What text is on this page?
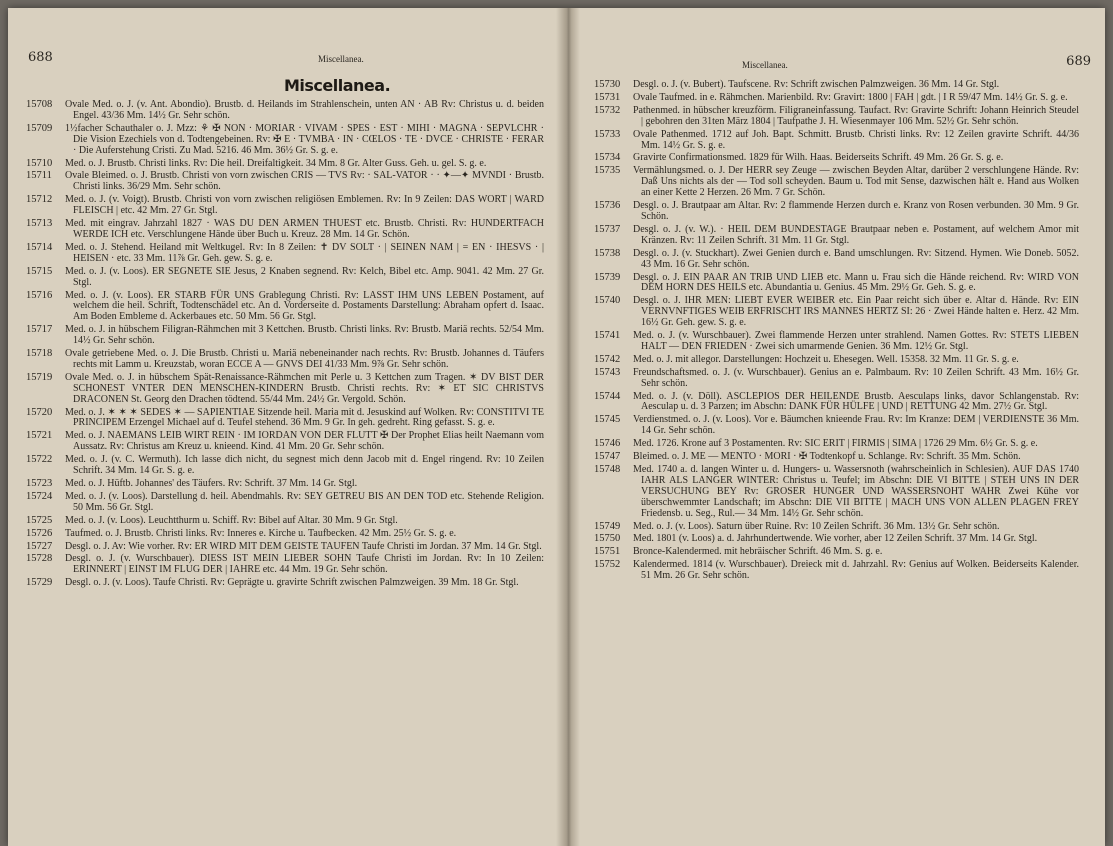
688	Miscellanea.
Miscellanea.
15708	Ovale Med. o. J. (v. Ant. Abondio). Brustb. d. Heilands im Strahlenschein, unten AN · AB Rv: Christus u. d. beiden Engel. 43/36 Mm. 14½ Gr. Sehr schön.
15709	1½facher Schauthaler o. J. Mzz: ⚘ ✠ NON · MORIAR · VIVAM · SPES · EST · MIHI · MAGNA · SEPVLCHR · Die Vision Ezechiels von d. Todtengebeinen. Rv: ✠ E · TVMBA · IN · CŒLOS · TE · DVCE · CHRISTE · FERAR · Die Auferstehung Cristi. Zu Mad. 5216. 46 Mm. 36½ Gr. S. g. e.
15710	Med. o. J. Brustb. Christi links. Rv: Die heil. Dreifaltigkeit. 34 Mm. 8 Gr. Alter Guss. Geh. u. gel. S. g. e.
15711	Ovale Bleimed. o. J. Brustb. Christi von vorn zwischen CRIS — TVS Rv: · SAL-VATOR · · ✦—✦ MVNDI · Brustb. Christi links. 36/29 Mm. Sehr schön.
15712	Med. o. J. (v. Voigt). Brustb. Christi von vorn zwischen religiösen Emblemen. Rv: In 9 Zeilen: DAS WORT | WARD FLEISCH | etc. 42 Mm. 27 Gr. Stgl.
15713	Med. mit eingrav. Jahrzahl 1827 · WAS DU DEN ARMEN THUEST etc. Brustb. Christi. Rv: HUNDERTFACH WERDE ICH etc. Verschlungene Hände über Buch u. Kreuz. 28 Mm. 14 Gr. Schön.
15714	Med. o. J. Stehend. Heiland mit Weltkugel. Rv: In 8 Zeilen: ✝ DV SOLT · | SEINEN NAM | = EN · IHESVS · | HEISEN · etc. 33 Mm. 11⅞ Gr. Geh. gew. S. g. e.
15715	Med. o. J. (v. Loos). ER SEGNETE SIE Jesus, 2 Knaben segnend. Rv: Kelch, Bibel etc. Amp. 9041. 42 Mm. 27 Gr. Stgl.
15716	Med. o. J. (v. Loos). ER STARB FÜR UNS Grablegung Christi. Rv: LASST IHM UNS LEBEN Postament, auf welchem die heil. Schrift, Todtenschädel etc. An d. Vorderseite d. Postaments Darstellung: Abraham opfert d. Isaac. Am Boden Embleme d. Ackerbaues etc. 50 Mm. 56 Gr. Stgl.
15717	Med. o. J. in hübschem Filigran-Rähmchen mit 3 Kettchen. Brustb. Christi links. Rv: Brustb. Mariä rechts. 52/54 Mm. 14½ Gr. Sehr schön.
15718	Ovale getriebene Med. o. J. Die Brustb. Christi u. Mariä nebeneinander nach rechts. Rv: Brustb. Johannes d. Täufers rechts mit Lamm u. Kreuzstab, woran ECCE A — GNVS DEI 41/33 Mm. 9⅞ Gr. Sehr schön.
15719	Ovale Med. o. J. in hübschem Spät-Renaissance-Rähmchen mit Perle u. 3 Kettchen zum Tragen. ✶ DV BIST DER SCHONEST VNTER DEN MENSCHEN-KINDERN Brustb. Christi rechts. Rv: ✶ ET SIC CHRISTVS DRACONEN St. Georg den Drachen tödtend. 55/44 Mm. 24½ Gr. Vergold. Schön.
15720	Med. o. J. ✶ ✶ ✶ SEDES ✶ — SAPIENTIAE Sitzende heil. Maria mit d. Jesuskind auf Wolken. Rv: CONSTITVI TE PRINCIPEM Erzengel Michael auf d. Teufel stehend. 36 Mm. 9 Gr. In geh. gedreht. Ring gefasst. S. g. e.
15721	Med. o. J. NAEMANS LEIB WIRT REIN · IM IORDAN VON DER FLUTT ✠ Der Prophet Elias heilt Naemann vom Aussatz. Rv: Christus am Kreuz u. knieend. Kind. 41 Mm. 20 Gr. Sehr schön.
15722	Med. o. J. (v. C. Wermuth). Ich lasse dich nicht, du segnest mich denn Jacob mit d. Engel ringend. Rv: 10 Zeilen Schrift. 34 Mm. 14 Gr. S. g. e.
15723	Med. o. J. Hüftb. Johannes' des Täufers. Rv: Schrift. 37 Mm. 14 Gr. Stgl.
15724	Med. o. J. (v. Loos). Darstellung d. heil. Abendmahls. Rv: SEY GETREU BIS AN DEN TOD etc. Stehende Religion. 50 Mm. 56 Gr. Stgl.
15725	Med. o. J. (v. Loos). Leuchtthurm u. Schiff. Rv: Bibel auf Altar. 30 Mm. 9 Gr. Stgl.
15726	Taufmed. o. J. Brustb. Christi links. Rv: Inneres e. Kirche u. Taufbecken. 42 Mm. 25½ Gr. S. g. e.
15727	Desgl. o. J. Av: Wie vorher. Rv: ER WIRD MIT DEM GEISTE TAUFEN Taufe Christi im Jordan. 37 Mm. 14 Gr. Stgl.
15728	Desgl. o. J. (v. Wurschbauer). DIESS IST MEIN LIEBER SOHN Taufe Christi im Jordan. Rv: In 10 Zeilen: ERINNERT | EINST IM FLUG DER | IAHRE etc. 44 Mm. 19 Gr. Sehr schön.
15729	Desgl. o. J. (v. Loos). Taufe Christi. Rv: Geprägte u. gravirte Schrift zwischen Palmzweigen. 39 Mm. 18 Gr. Stgl.
Miscellanea.	689
15730	Desgl. o. J. (v. Bubert). Taufscene. Rv: Schrift zwischen Palmzweigen. 36 Mm. 14 Gr. Stgl.
15731	Ovale Taufmed. in e. Rähmchen. Marienbild. Rv: Gravirt: 1800 | FAH | gdt. | I R 59/47 Mm. 14½ Gr. S. g. e.
15732	Pathenmed. in hübscher kreuzförm. Filigraneinfassung. Taufact. Rv: Gravirte Schrift: Johann Heinrich Steudel | gebohren den 31ten März 1804 | Taufpathe J. H. Wiesenmayer 106 Mm. 52½ Gr. Sehr schön.
15733	Ovale Pathenmed. 1712 auf Joh. Bapt. Schmitt. Brustb. Christi links. Rv: 12 Zeilen gravirte Schrift. 44/36 Mm. 14½ Gr. S. g. e.
15734	Gravirte Confirmationsmed. 1829 für Wilh. Haas. Beiderseits Schrift. 49 Mm. 26 Gr. S. g. e.
15735	Vermählungsmed. o. J. Der HERR sey Zeuge — zwischen Beyden Altar, darüber 2 verschlungene Hände. Rv: Daß Uns nichts als der — Tod soll scheyden. Baum u. Tod mit Sense, dazwischen hält e. Hand aus Wolken an einer Kette 2 Herzen. 26 Mm. 7 Gr. Schön.
15736	Desgl. o. J. Brautpaar am Altar. Rv: 2 flammende Herzen durch e. Kranz von Rosen verbunden. 30 Mm. 9 Gr. Schön.
15737	Desgl. o. J. (v. W.). · HEIL DEM BUNDESTAGE Brautpaar neben e. Postament, auf welchem Amor mit Kränzen. Rv: 11 Zeilen Schrift. 31 Mm. 11 Gr. Stgl.
15738	Desgl. o. J. (v. Stuckhart). Zwei Genien durch e. Band umschlungen. Rv: Sitzend. Hymen. Wie Doneb. 5052. 43 Mm. 16 Gr. Sehr schön.
15739	Desgl. o. J. EIN PAAR AN TRIB UND LIEB etc. Mann u. Frau sich die Hände reichend. Rv: WIRD VON DEM HORN DES HEILS etc. Abundantia u. Genius. 45 Mm. 29½ Gr. Geh. S. g. e.
15740	Desgl. o. J. IHR MEN: LIEBT EVER WEIBER etc. Ein Paar reicht sich über e. Altar d. Hände. Rv: EIN VERNVNFTIGES WEIB ERFRISCHT IRS MANNES HERTZ SI: 26 · Zwei Hände halten e. Herz. 42 Mm. 16½ Gr. Geh. gew. S. g. e.
15741	Med. o. J. (v. Wurschbauer). Zwei flammende Herzen unter strahlend. Namen Gottes. Rv: STETS LIEBEN HALT — DEN FRIEDEN · Zwei sich umarmende Genien. 36 Mm. 12½ Gr. Stgl.
15742	Med. o. J. mit allegor. Darstellungen: Hochzeit u. Ehesegen. Well. 15358. 32 Mm. 11 Gr. S. g. e.
15743	Freundschaftsmed. o. J. (v. Wurschbauer). Genius an e. Palmbaum. Rv: 10 Zeilen Schrift. 43 Mm. 16½ Gr. Sehr schön.
15744	Med. o. J. (v. Döll). ASCLEPIOS DER HEILENDE Brustb. Aesculaps links, davor Schlangenstab. Rv: Aesculap u. d. 3 Parzen; im Abschn: DANK FÜR HÜLFE | UND | RETTUNG 42 Mm. 27½ Gr. Stgl.
15745	Verdienstmed. o. J. (v. Loos). Vor e. Bäumchen knieende Frau. Rv: Im Kranze: DEM | VERDIENSTE 36 Mm. 14 Gr. Sehr schön.
15746	Med. 1726. Krone auf 3 Postamenten. Rv: SIC ERIT | FIRMIS | SIMA | 1726 29 Mm. 6½ Gr. S. g. e.
15747	Bleimed. o. J. ME — MENTO · MORI · ✠ Todtenkopf u. Schlange. Rv: Schrift. 35 Mm. Schön.
15748	Med. 1740 a. d. langen Winter u. d. Hungers- u. Wassersnoth (wahrscheinlich in Schlesien). AUF DAS 1740 IAHR ALS LANGER WINTER: Christus u. Teufel; im Abschn: DIE VI BITTE | STEH UNS IN DER VERSUCHUNG BEY Rv: GROSER HUNGER UND WASSERSNOHT WAHR Zwei Kühe vor überschwemmter Landschaft; im Abschn: DIE VII BITTE | MACH UNS VON ALLEN PLAGEN FREY Friedensb. u. Seg., Rul.— 34 Mm. 14½ Gr. Sehr schön.
15749	Med. o. J. (v. Loos). Saturn über Ruine. Rv: 10 Zeilen Schrift. 36 Mm. 13½ Gr. Sehr schön.
15750	Med. 1801 (v. Loos) a. d. Jahrhundertwende. Wie vorher, aber 12 Zeilen Schrift. 37 Mm. 14 Gr. Stgl.
15751	Bronce-Kalendermed. mit hebräischer Schrift. 46 Mm. S. g. e.
15752	Kalendermed. 1814 (v. Wurschbauer). Dreieck mit d. Jahrzahl. Rv: Genius auf Wolken. Beiderseits Kalender. 51 Mm. 26 Gr. Sehr schön.
